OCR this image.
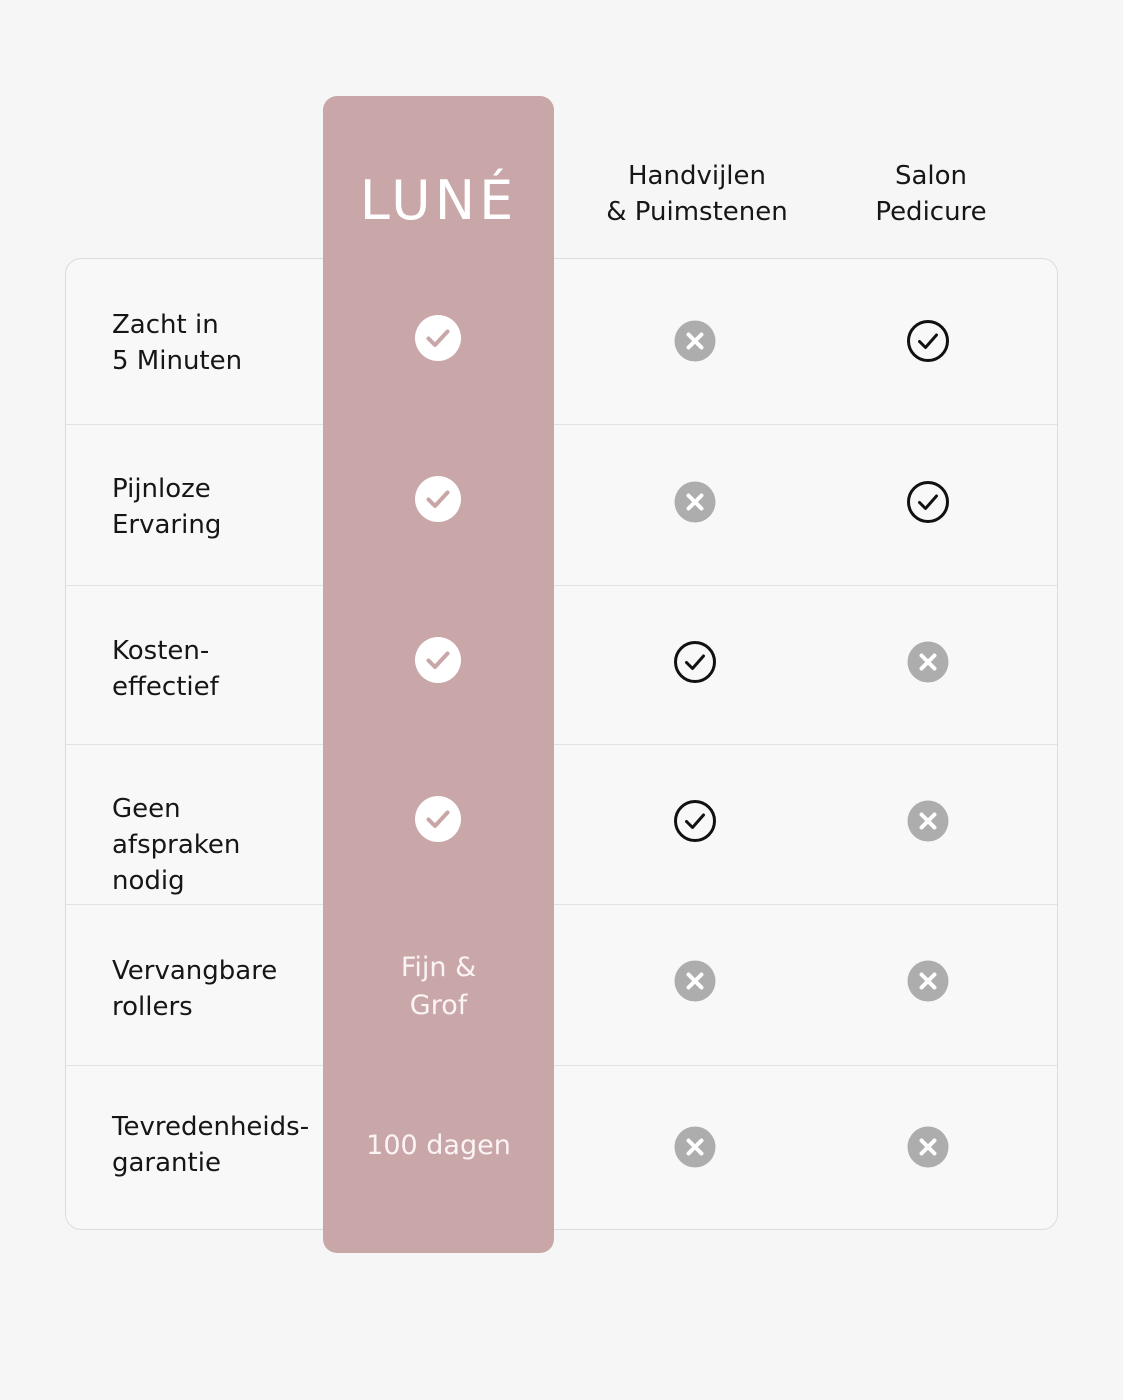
LUNÉ	Handvijlen
& Puimstenen
Salon
Pedicure
Zacht in
5 Minuten
Pijnloze
Ervaring
Kosten-
effectief
Geen afspraken
nodig
Vervangbare
rollers
Fijn &
Grof
Tevredenheids-
garantie
100 dagen
